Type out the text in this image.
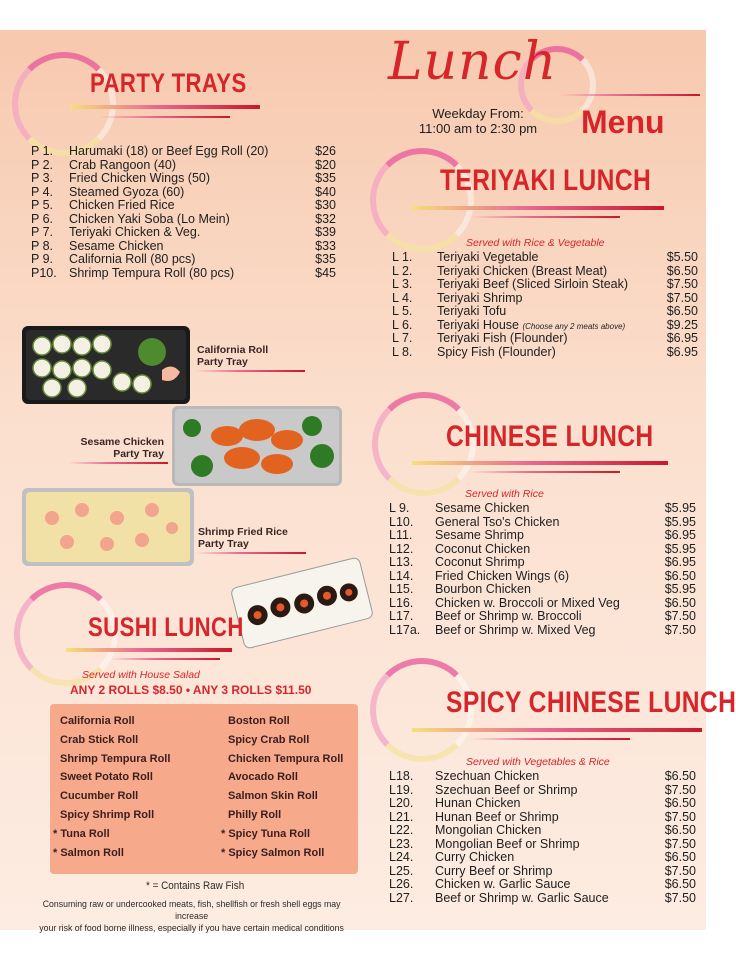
Lunch
Weekday From:
11:00 am to 2:30 pm	Menu
PARTY TRAYS
P 1. Harumaki (18) or Beef Egg Roll (20)	$26
P 2. Crab Rangoon (40)	$20
P 3. Fried Chicken Wings (50)	$35
P 4. Steamed Gyoza (60)	$40
P 5. Chicken Fried Rice	$30
P 6. Chicken Yaki Soba (Lo Mein)	$32
P 7. Teriyaki Chicken & Veg.	$39
P 8. Sesame Chicken	$33
P 9. California Roll (80 pcs)	$35
P10. Shrimp Tempura Roll (80 pcs)	$45
California Roll
Party Tray
Sesame Chicken
Party Tray
Shrimp Fried Rice
Party Tray
TERIYAKI LUNCH
Served with Rice & Vegetable
L 1. Teriyaki Vegetable	$5.50
L 2. Teriyaki Chicken (Breast Meat)	$6.50
L 3. Teriyaki Beef (Sliced Sirloin Steak)	$7.50
L 4. Teriyaki Shrimp	$7.50
L 5. Teriyaki Tofu	$6.50
L 6. Teriyaki House (Choose any 2 meats above)	$9.25
L 7. Teriyaki Fish (Flounder)	$6.95
L 8. Spicy Fish (Flounder)	$6.95
CHINESE LUNCH
Served with Rice
L 9. Sesame Chicken	$5.95
L10. General Tso's Chicken	$5.95
L11. Sesame Shrimp	$6.95
L12. Coconut Chicken	$5.95
L13. Coconut Shrimp	$6.95
L14. Fried Chicken Wings (6)	$6.50
L15. Bourbon Chicken	$5.95
L16. Chicken w. Broccoli or Mixed Veg	$6.50
L17. Beef or Shrimp w. Broccoli	$7.50
L17a. Beef or Shrimp w. Mixed Veg	$7.50
SPICY CHINESE LUNCH
Served with Vegetables & Rice
L18. Szechuan Chicken	$6.50
L19. Szechuan Beef or Shrimp	$7.50
L20. Hunan Chicken	$6.50
L21. Hunan Beef or Shrimp	$7.50
L22. Mongolian Chicken	$6.50
L23. Mongolian Beef or Shrimp	$7.50
L24. Curry Chicken	$6.50
L25. Curry Beef or Shrimp	$7.50
L26. Chicken w. Garlic Sauce	$6.50
L27. Beef or Shrimp w. Garlic Sauce	$7.50
SUSHI LUNCH
Served with House Salad
ANY 2 ROLLS $8.50 • ANY 3 ROLLS $11.50
California Roll
Crab Stick Roll
Shrimp Tempura Roll
Sweet Potato Roll
Cucumber Roll
Spicy Shrimp Roll
* Tuna Roll
* Salmon Roll
Boston Roll
Spicy Crab Roll
Chicken Tempura Roll
Avocado Roll
Salmon Skin Roll
Philly Roll
* Spicy Tuna Roll
* Spicy Salmon Roll
* = Contains Raw Fish
Consuming raw or undercooked meats, fish, shellfish or fresh shell eggs may increase
your risk of food borne illness, especially if you have certain medical conditions
